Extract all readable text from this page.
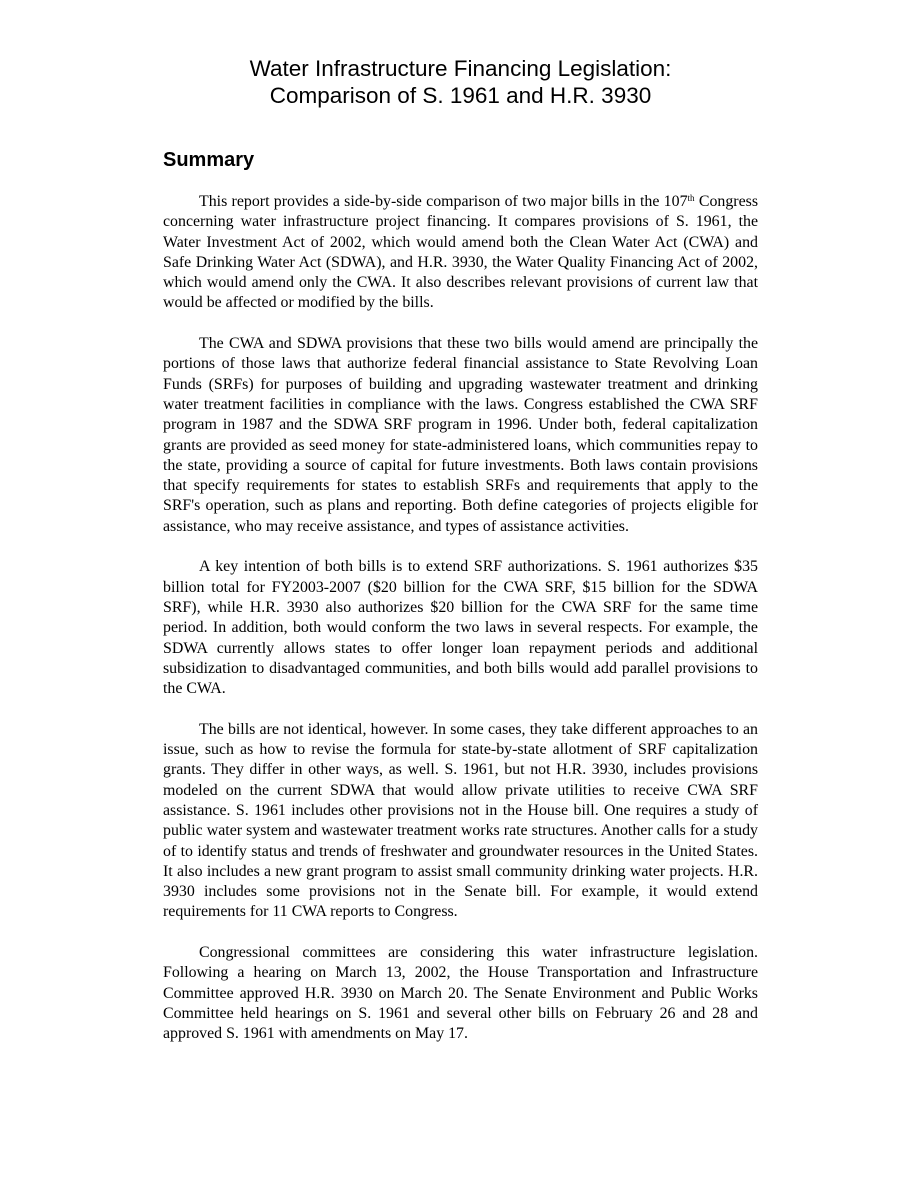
Water Infrastructure Financing Legislation:
Comparison of S. 1961 and H.R. 3930
Summary

This report provides a side-by-side comparison of two major bills in the 107th Congress concerning water infrastructure project financing. It compares provisions of S. 1961, the Water Investment Act of 2002, which would amend both the Clean Water Act (CWA) and Safe Drinking Water Act (SDWA), and H.R. 3930, the Water Quality Financing Act of 2002, which would amend only the CWA. It also describes relevant provisions of current law that would be affected or modified by the bills.

The CWA and SDWA provisions that these two bills would amend are principally the portions of those laws that authorize federal financial assistance to State Revolving Loan Funds (SRFs) for purposes of building and upgrading wastewater treatment and drinking water treatment facilities in compliance with the laws. Congress established the CWA SRF program in 1987 and the SDWA SRF program in 1996. Under both, federal capitalization grants are provided as seed money for state-administered loans, which communities repay to the state, providing a source of capital for future investments. Both laws contain provisions that specify requirements for states to establish SRFs and requirements that apply to the SRF's operation, such as plans and reporting. Both define categories of projects eligible for assistance, who may receive assistance, and types of assistance activities.

A key intention of both bills is to extend SRF authorizations. S. 1961 authorizes $35 billion total for FY2003-2007 ($20 billion for the CWA SRF, $15 billion for the SDWA SRF), while H.R. 3930 also authorizes $20 billion for the CWA SRF for the same time period. In addition, both would conform the two laws in several respects. For example, the SDWA currently allows states to offer longer loan repayment periods and additional subsidization to disadvantaged communities, and both bills would add parallel provisions to the CWA.

The bills are not identical, however. In some cases, they take different approaches to an issue, such as how to revise the formula for state-by-state allotment of SRF capitalization grants. They differ in other ways, as well. S. 1961, but not H.R. 3930, includes provisions modeled on the current SDWA that would allow private utilities to receive CWA SRF assistance. S. 1961 includes other provisions not in the House bill. One requires a study of public water system and wastewater treatment works rate structures. Another calls for a study of to identify status and trends of freshwater and groundwater resources in the United States. It also includes a new grant program to assist small community drinking water projects. H.R. 3930 includes some provisions not in the Senate bill. For example, it would extend requirements for 11 CWA reports to Congress.

Congressional committees are considering this water infrastructure legislation. Following a hearing on March 13, 2002, the House Transportation and Infrastructure Committee approved H.R. 3930 on March 20. The Senate Environment and Public Works Committee held hearings on S. 1961 and several other bills on February 26 and 28 and approved S. 1961 with amendments on May 17.
